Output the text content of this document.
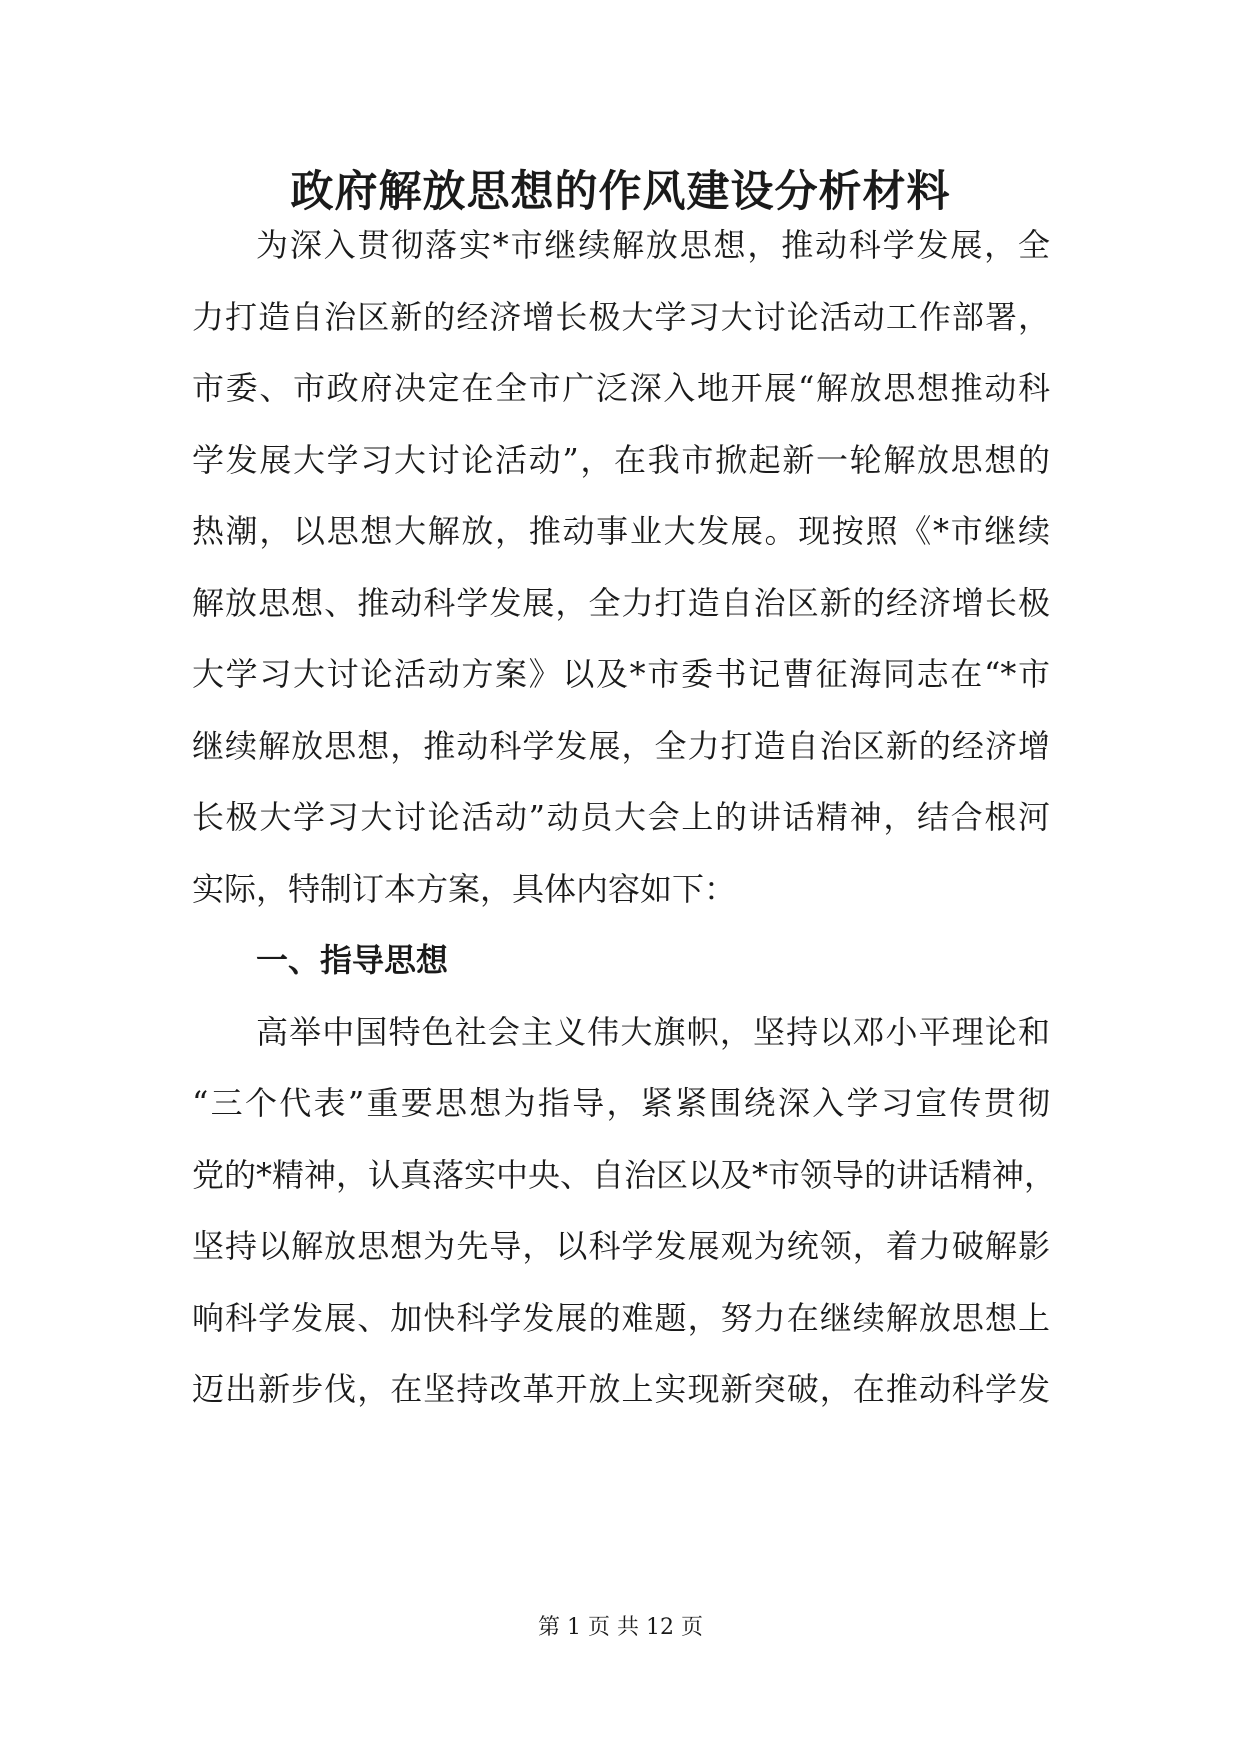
政府解放思想的作风建设分析材料
为深入贯彻落实*市继续解放思想，推动科学发展，全
力打造自治区新的经济增长极大学习大讨论活动工作部署，
市委、市政府决定在全市广泛深入地开展“解放思想推动科
学发展大学习大讨论活动”，在我市掀起新一轮解放思想的
热潮，以思想大解放，推动事业大发展。现按照《*市继续
解放思想、推动科学发展，全力打造自治区新的经济增长极
大学习大讨论活动方案》以及*市委书记曹征海同志在“*市
继续解放思想，推动科学发展，全力打造自治区新的经济增
长极大学习大讨论活动”动员大会上的讲话精神，结合根河
实际，特制订本方案，具体内容如下：
一、指导思想
高举中国特色社会主义伟大旗帜，坚持以邓小平理论和
“三个代表”重要思想为指导，紧紧围绕深入学习宣传贯彻
党的*精神，认真落实中央、自治区以及*市领导的讲话精神，
坚持以解放思想为先导，以科学发展观为统领，着力破解影
响科学发展、加快科学发展的难题，努力在继续解放思想上
迈出新步伐，在坚持改革开放上实现新突破，在推动科学发
第 1 页 共 12 页
